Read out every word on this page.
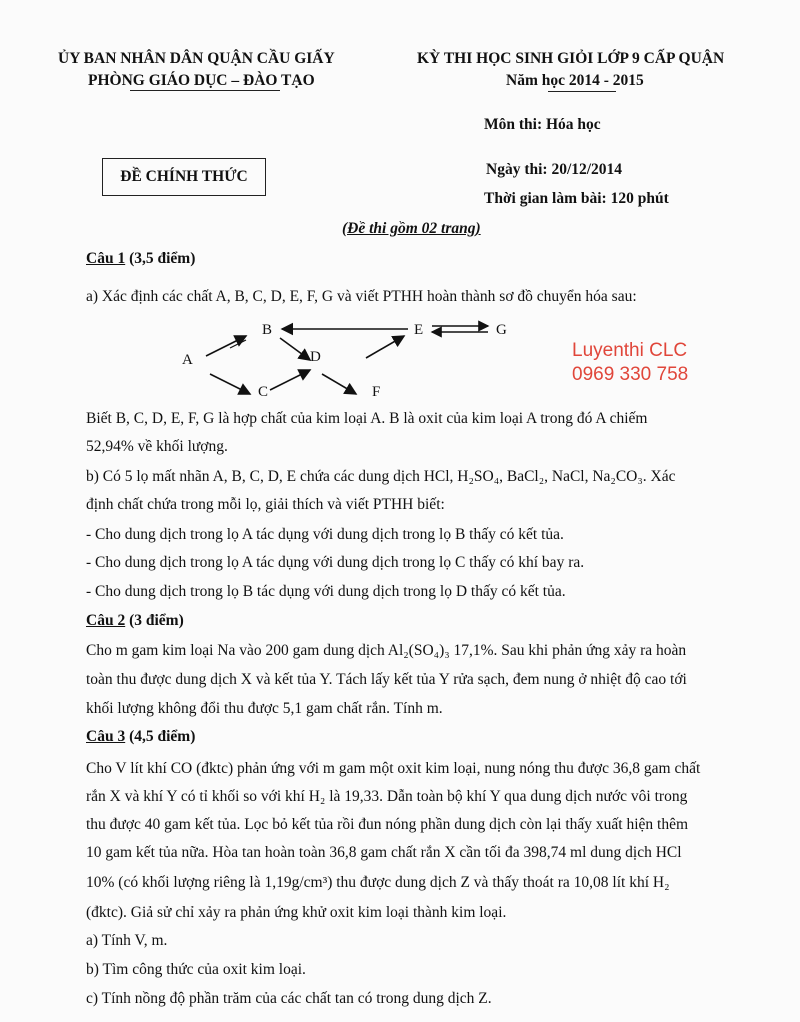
ỦY BAN NHÂN DÂN QUẬN CẦU GIẤY
PHÒNG GIÁO DỤC – ĐÀO TẠO
KỲ THI HỌC SINH GIỎI LỚP 9 CẤP QUẬN
Năm học 2014 - 2015
Môn thi: Hóa học
ĐỀ CHÍNH THỨC	Ngày thi: 20/12/2014
Thời gian làm bài: 120 phút
(Đề thi gồm 02 trang)
Câu 1 (3,5 điểm)
a) Xác định các chất A, B, C, D, E, F, G và viết PTHH hoàn thành sơ đồ chuyển hóa sau:
A
B
C
D
E
F
G
Luyenthi CLC
0969 330 758
Biết B, C, D, E, F, G là hợp chất của kim loại A. B là oxit của kim loại A trong đó A chiếm
52,94% về khối lượng.
b) Có 5 lọ mất nhãn A, B, C, D, E chứa các dung dịch HCl, H₂SO₄, BaCl₂, NaCl, Na₂CO₃. Xác
định chất chứa trong mỗi lọ, giải thích và viết PTHH biết:
- Cho dung dịch trong lọ A tác dụng với dung dịch trong lọ B thấy có kết tủa.
- Cho dung dịch trong lọ A tác dụng với dung dịch trong lọ C thấy có khí bay ra.
- Cho dung dịch trong lọ B tác dụng với dung dịch trong lọ D thấy có kết tủa.
Câu 2 (3 điểm)
Cho m gam kim loại Na vào 200 gam dung dịch Al₂(SO₄)₃ 17,1%. Sau khi phản ứng xảy ra hoàn
toàn thu được dung dịch X và kết tủa Y. Tách lấy kết tủa Y rửa sạch, đem nung ở nhiệt độ cao tới
khối lượng không đổi thu được 5,1 gam chất rắn. Tính m.
Câu 3 (4,5 điểm)
Cho V lít khí CO (đktc) phản ứng với m gam một oxit kim loại, nung nóng thu được 36,8 gam chất
rắn X và khí Y có tỉ khối so với khí H₂ là 19,33. Dẫn toàn bộ khí Y qua dung dịch nước vôi trong
thu được 40 gam kết tủa. Lọc bỏ kết tủa rồi đun nóng phần dung dịch còn lại thấy xuất hiện thêm
10 gam kết tủa nữa. Hòa tan hoàn toàn 36,8 gam chất rắn X cần tối đa 398,74 ml dung dịch HCl
10% (có khối lượng riêng là 1,19g/cm³) thu được dung dịch Z và thấy thoát ra 10,08 lít khí H₂
(đktc). Giả sử chỉ xảy ra phản ứng khử oxit kim loại thành kim loại.
a) Tính V, m.
b) Tìm công thức của oxit kim loại.
c) Tính nồng độ phần trăm của các chất tan có trong dung dịch Z.
